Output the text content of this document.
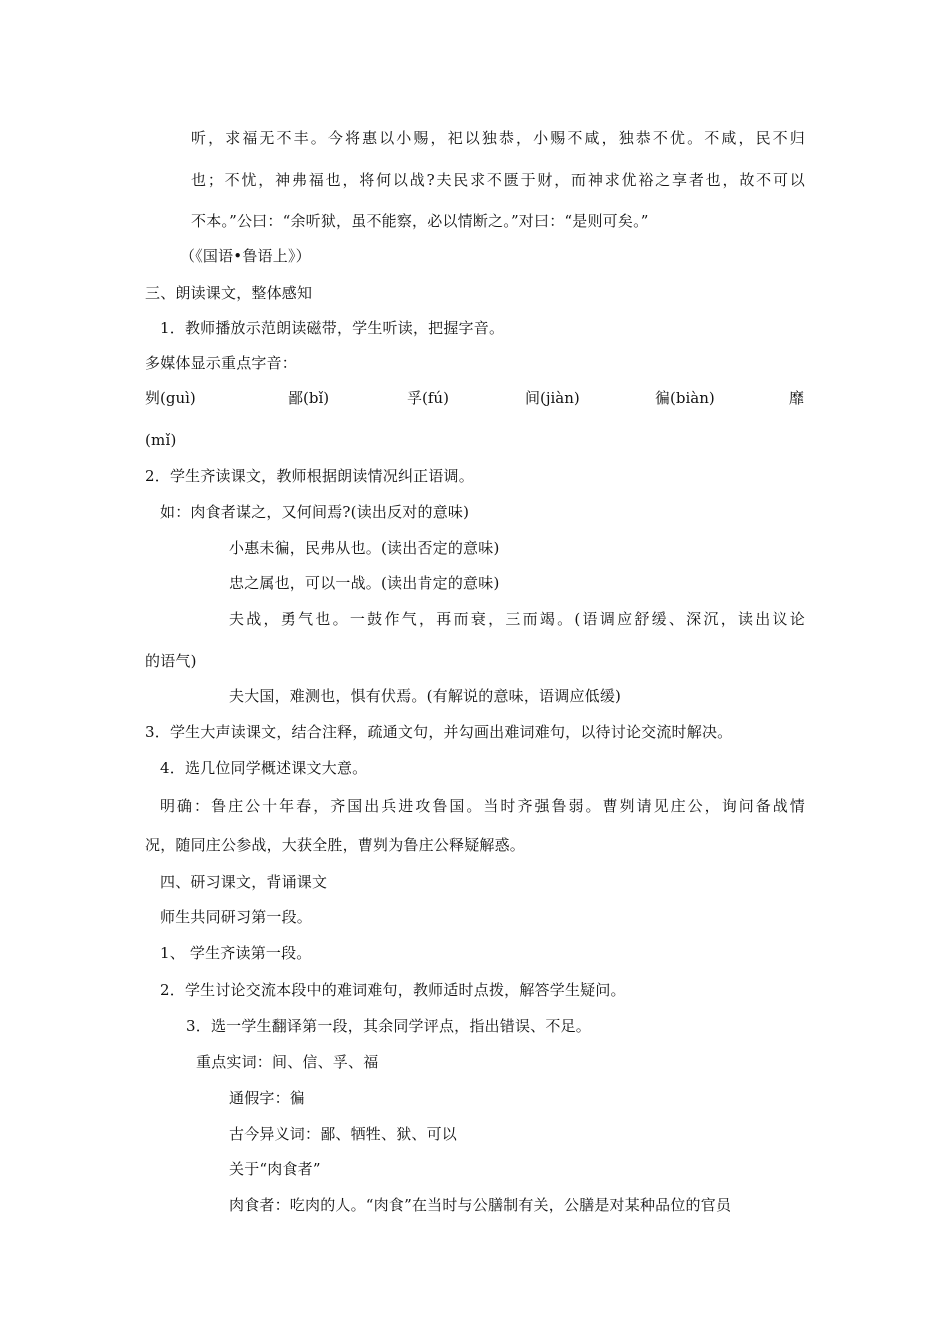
听，求福无不丰。今将惠以小赐，祀以独恭，小赐不咸，独恭不优。不咸，民不归
也；不忧，神弗福也，将何以战?夫民求不匮于财，而神求优裕之享者也，故不可以
不本。”公曰：“余听狱，虽不能察，必以情断之。”对曰：“是则可矣。”
（《国语•鲁语上》）
三、朗读课文，整体感知
1．教师播放示范朗读磁带，学生听读，把握字音。
多媒体显示重点字音：
刿(guì)	鄙(bǐ)	孚(fú)	间(jiàn)	徧(biàn)	靡
(mǐ)
2．学生齐读课文，教师根据朗读情况纠正语调。
如：肉食者谋之，又何间焉?(读出反对的意味)
小惠未徧，民弗从也。(读出否定的意味)
忠之属也，可以一战。(读出肯定的意味)
夫战，勇气也。一鼓作气，再而衰，三而竭。(语调应舒缓、深沉，读出议论
的语气)
夫大国，难测也，惧有伏焉。(有解说的意味，语调应低缓)
3．学生大声读课文，结合注释，疏通文句，并勾画出难词难句，以待讨论交流时解决。
4．选几位同学概述课文大意。
明确：鲁庄公十年春，齐国出兵进攻鲁国。当时齐强鲁弱。曹刿请见庄公，询问备战情
况，随同庄公参战，大获全胜，曹刿为鲁庄公释疑解惑。
四、研习课文，背诵课文
师生共同研习第一段。
1、 学生齐读第一段。
2．学生讨论交流本段中的难词难句，教师适时点拨，解答学生疑问。
3．选一学生翻译第一段，其余同学评点，指出错误、不足。
重点实词：间、信、孚、福
通假字：徧
古今异义词：鄙、牺牲、狱、可以
关于“肉食者”
肉食者：吃肉的人。“肉食”在当时与公膳制有关，公膳是对某种品位的官员
